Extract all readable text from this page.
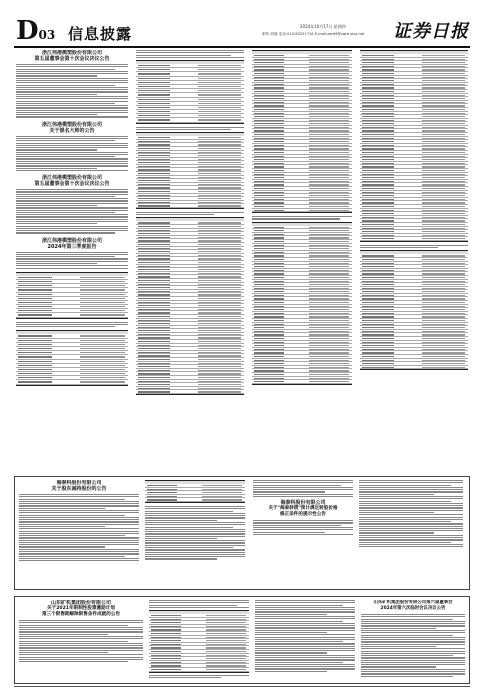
D03 信息披露	2024年10月17日 星期四
制作:刘晓 电话:010-83251716 E-mail:zqrb9@zqrb.sina.net 证券日报
浙江伟港模塑股份有限公司
第五届董事会第十次会议决议公告
浙江伟港模塑股份有限公司
关于提名大师的公告
浙江伟港模塑股份有限公司
第五届董事会第十次会议决议公告
浙江伟港模塑股份有限公司
2024年第三季度报告
海泰科股份有限公司
关于股东减持股份的公告
海泰科股份有限公司
关于"海泰转债"预计满足转股价格
修正条件的提示性公告
山东矿机集团股份有限公司
关于2021年限制性股票激励计划
第三个限售期解除限售条件成就的公告
山东矿机集团股份有限公司第六届董事会
2024年第六次临时会议决议公告
